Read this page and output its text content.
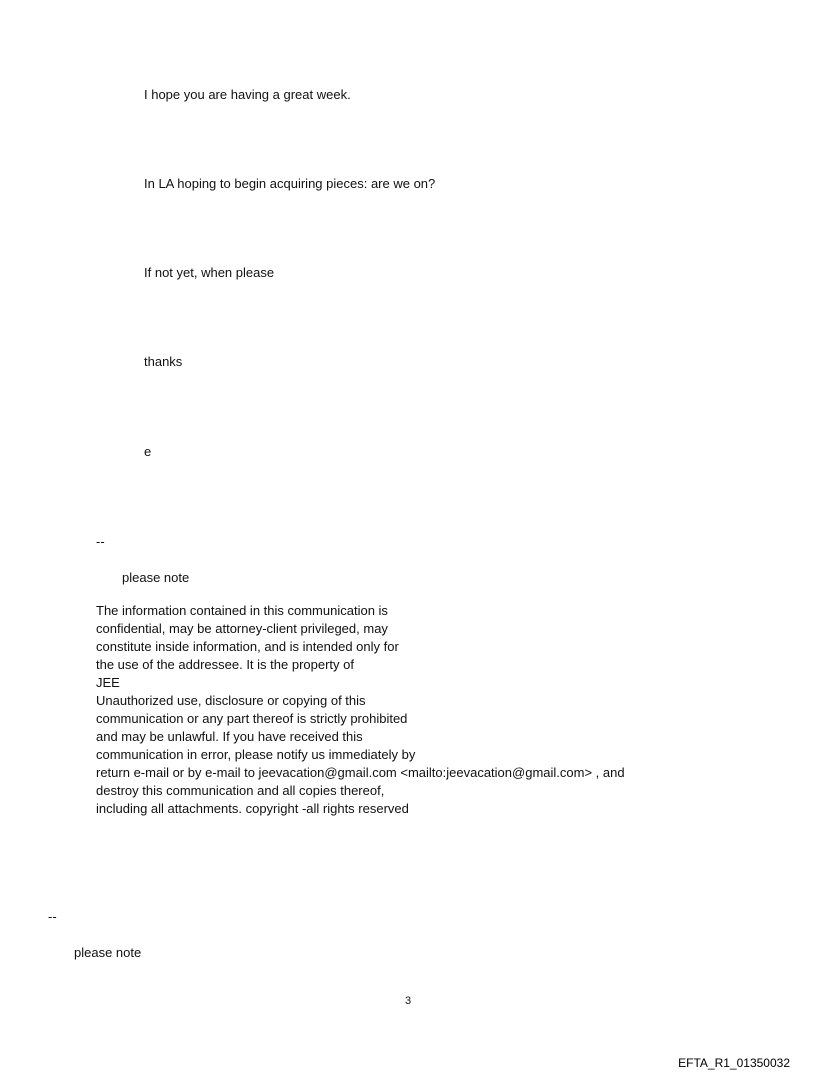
I hope you are having a great week.
In LA hoping to begin acquiring pieces: are we on?
If not yet, when please
thanks
e
--
please note
The information contained in this communication is
confidential, may be attorney-client privileged, may
constitute inside information, and is intended only for
the use of the addressee. It is the property of
JEE
Unauthorized use, disclosure or copying of this
communication or any part thereof is strictly prohibited
and may be unlawful. If you have received this
communication in error, please notify us immediately by
return e-mail or by e-mail to jeevacation@gmail.com <mailto:jeevacation@gmail.com> , and
destroy this communication and all copies thereof,
including all attachments. copyright -all rights reserved
--
please note
3
EFTA_R1_01350032
